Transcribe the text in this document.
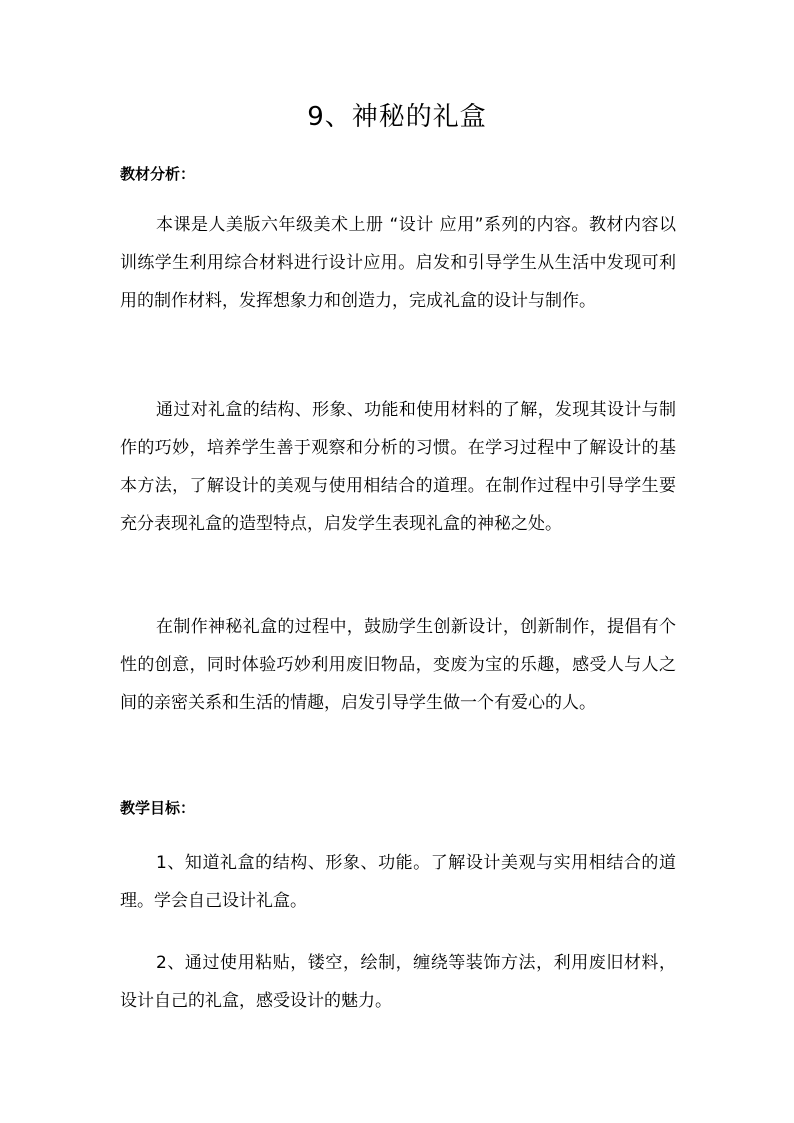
9、神秘的礼盒
教材分析：

本课是人美版六年级美术上册 “设计 应用”系列的内容。教材内容以训练学生利用综合材料进行设计应用。启发和引导学生从生活中发现可利用的制作材料，发挥想象力和创造力，完成礼盒的设计与制作。

通过对礼盒的结构、形象、功能和使用材料的了解，发现其设计与制作的巧妙，培养学生善于观察和分析的习惯。在学习过程中了解设计的基本方法，了解设计的美观与使用相结合的道理。在制作过程中引导学生要充分表现礼盒的造型特点，启发学生表现礼盒的神秘之处。

在制作神秘礼盒的过程中，鼓励学生创新设计，创新制作，提倡有个性的创意，同时体验巧妙利用废旧物品，变废为宝的乐趣，感受人与人之间的亲密关系和生活的情趣，启发引导学生做一个有爱心的人。

教学目标：

1、知道礼盒的结构、形象、功能。了解设计美观与实用相结合的道理。学会自己设计礼盒。

2、通过使用粘贴，镂空，绘制，缠绕等装饰方法，利用废旧材料，设计自己的礼盒，感受设计的魅力。
